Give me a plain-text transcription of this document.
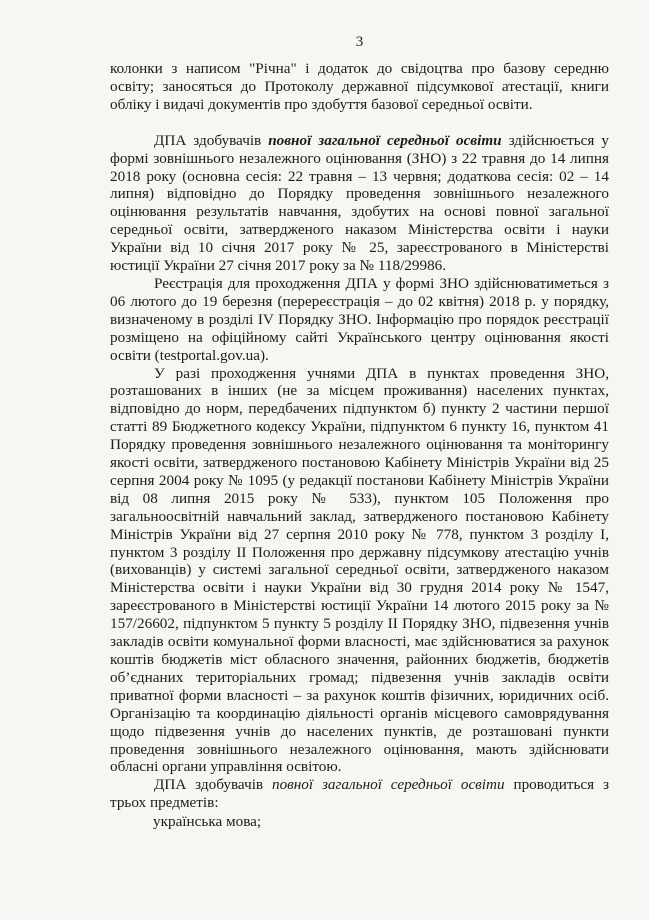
3

колонки з написом "Річна" і додаток до свідоцтва про базову середню освіту; заносяться до Протоколу державної підсумкової атестації, книги обліку і видачі документів про здобуття базової середньої освіти.

ДПА здобувачів повної загальної середньої освіти здійснюється у формі зовнішнього незалежного оцінювання (ЗНО) з 22 травня до 14 липня 2018 року (основна сесія: 22 травня – 13 червня; додаткова сесія: 02 – 14 липня) відповідно до Порядку проведення зовнішнього незалежного оцінювання результатів навчання, здобутих на основі повної загальної середньої освіти, затвердженого наказом Міністерства освіти і науки України від 10 січня 2017 року № 25, зареєстрованого в Міністерстві юстиції України 27 січня 2017 року за № 118/29986.

Реєстрація для проходження ДПА у формі ЗНО здійснюватиметься з 06 лютого до 19 березня (перереєстрація – до 02 квітня) 2018 р. у порядку, визначеному в розділі IV Порядку ЗНО. Інформацію про порядок реєстрації розміщено на офіційному сайті Українського центру оцінювання якості освіти (testportal.gov.ua).

У разі проходження учнями ДПА в пунктах проведення ЗНО, розташованих в інших (не за місцем проживання) населених пунктах, відповідно до норм, передбачених підпунктом б) пункту 2 частини першої статті 89 Бюджетного кодексу України, підпунктом 6 пункту 16, пунктом 41 Порядку проведення зовнішнього незалежного оцінювання та моніторингу якості освіти, затвердженого постановою Кабінету Міністрів України від 25 серпня 2004 року № 1095 (у редакції постанови Кабінету Міністрів України від 08 липня 2015 року № 533), пунктом 105 Положення про загальноосвітній навчальний заклад, затвердженого постановою Кабінету Міністрів України від 27 серпня 2010 року № 778, пунктом 3 розділу І, пунктом 3 розділу ІІ Положення про державну підсумкову атестацію учнів (вихованців) у системі загальної середньої освіти, затвердженого наказом Міністерства освіти і науки України від 30 грудня 2014 року № 1547, зареєстрованого в Міністерстві юстиції України 14 лютого 2015 року за № 157/26602, підпунктом 5 пункту 5 розділу ІІ Порядку ЗНО, підвезення учнів закладів освіти комунальної форми власності, має здійснюватися за рахунок коштів бюджетів міст обласного значення, районних бюджетів, бюджетів об’єднаних територіальних громад; підвезення учнів закладів освіти приватної форми власності – за рахунок коштів фізичних, юридичних осіб. Організацію та координацію діяльності органів місцевого самоврядування щодо підвезення учнів до населених пунктів, де розташовані пункти проведення зовнішнього незалежного оцінювання, мають здійснювати обласні органи управління освітою.

ДПА здобувачів повної загальної середньої освіти проводиться з трьох предметів:

українська мова;
